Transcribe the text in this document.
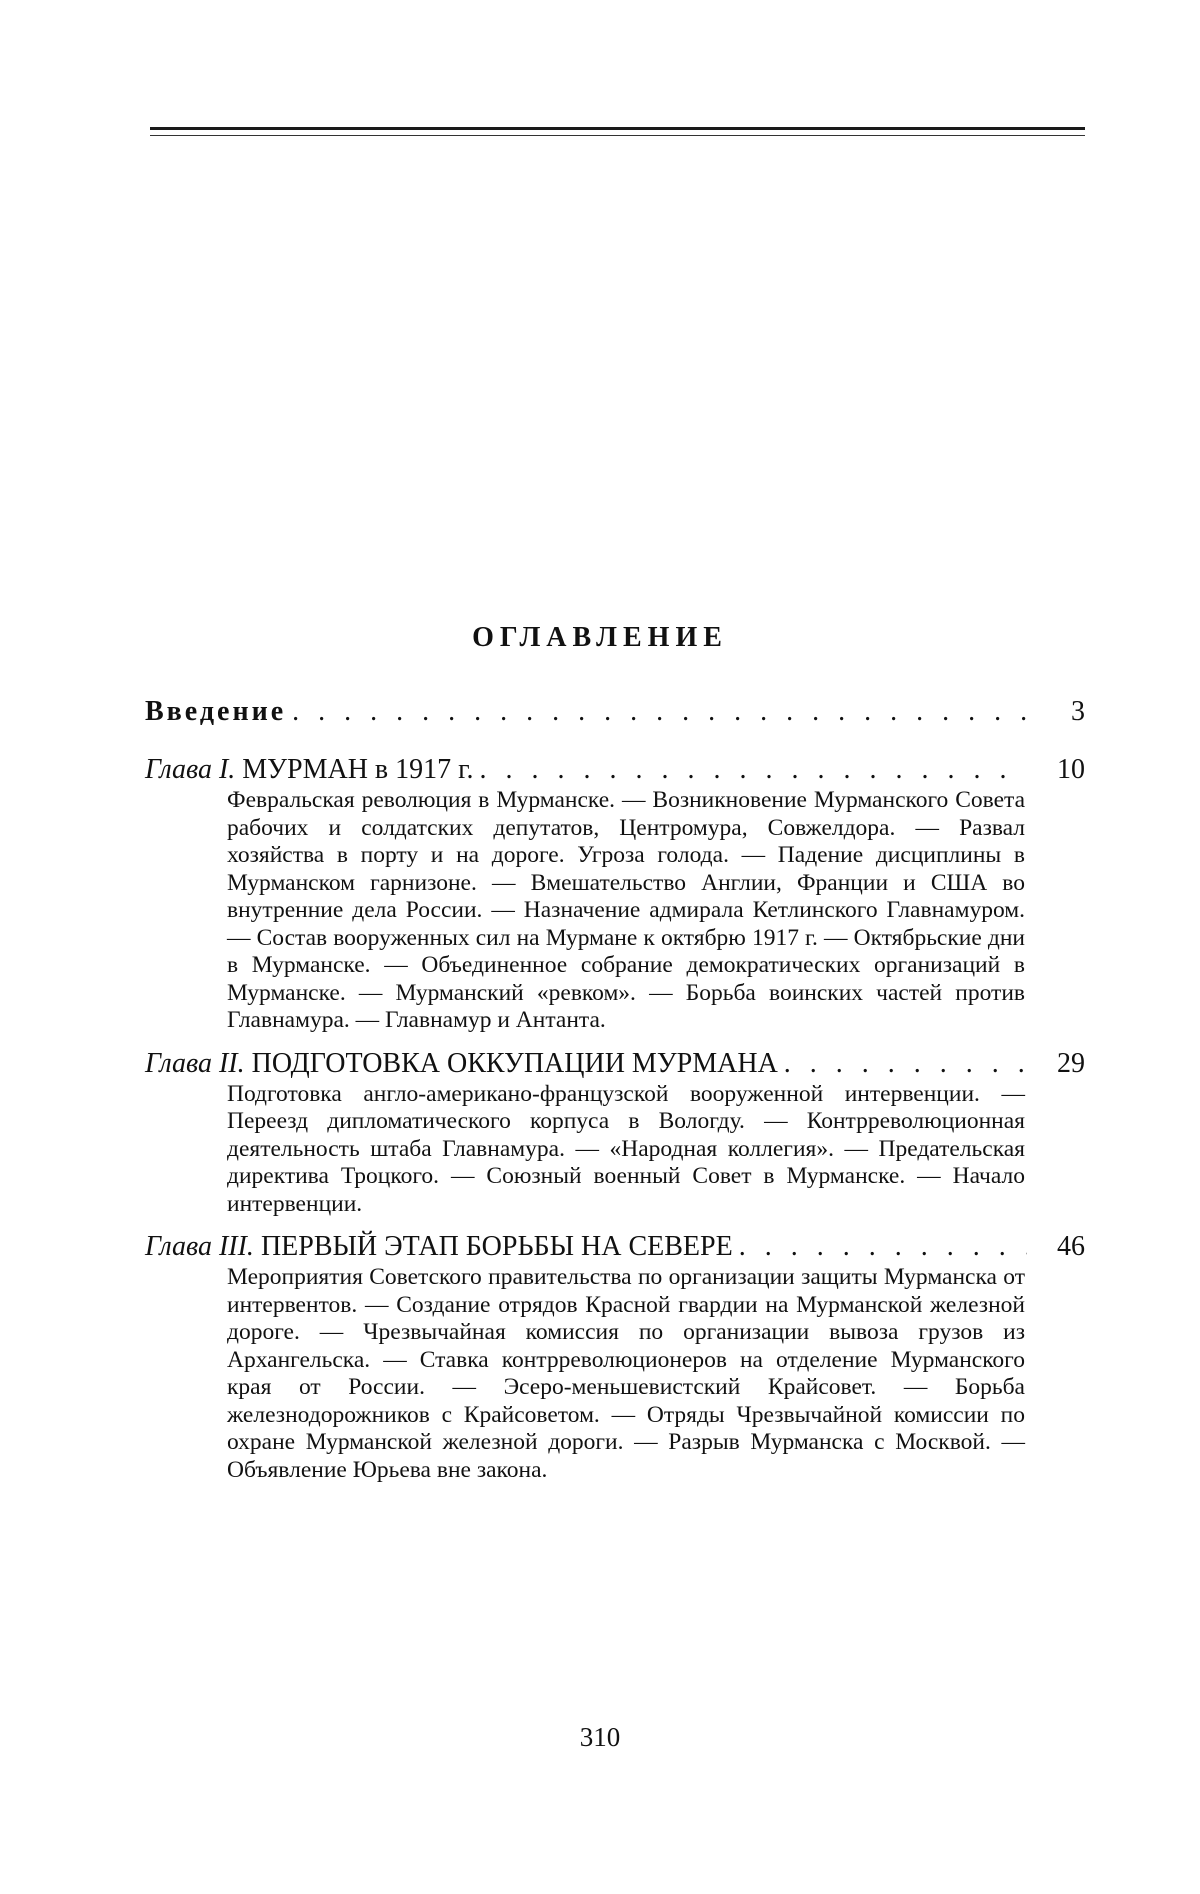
ОГЛАВЛЕНИЕ
Введение . . .	3
Глава I. МУРМАН в 1917 г. . . .	10

Февральская революция в Мурманске. — Возникновение Мурманского Совета рабочих и солдатских депутатов, Центромура, Совжелдора. — Развал хозяйства в порту и на дороге. Угроза голода. — Падение дисциплины в Мурманском гарнизоне. — Вмешательство Англии, Франции и США во внутренние дела России. — Назначение адмирала Кетлинского Главнамуром. — Состав вооруженных сил на Мурмане к октябрю 1917 г. — Октябрьские дни в Мурманске. — Объединенное собрание демократических организаций в Мурманске. — Мурманский «ревком». — Борьба воинских частей против Главнамура. — Главнамур и Антанта.

Глава II. ПОДГОТОВКА ОККУПАЦИИ МУРМАНА . . .	29

Подготовка англо-американо-французской вооруженной интервенции. — Переезд дипломатического корпуса в Вологду. — Контрреволюционная деятельность штаба Главнамура. — «Народная коллегия». — Предательская директива Троцкого. — Союзный военный Совет в Мурманске. — Начало интервенции.

Глава III. ПЕРВЫЙ ЭТАП БОРЬБЫ НА СЕВЕРЕ . . .	46

Мероприятия Советского правительства по организации защиты Мурманска от интервентов. — Создание отрядов Красной гвардии на Мурманской железной дороге. — Чрезвычайная комиссия по организации вывоза грузов из Архангельска. — Ставка контрреволюционеров на отделение Мурманского края от России. — Эсеро-меньшевистский Крайсовет. — Борьба железнодорожников с Крайсоветом. — Отряды Чрезвычайной комиссии по охране Мурманской железной дороги. — Разрыв Мурманска с Москвой. — Объявление Юрьева вне закона.

310
